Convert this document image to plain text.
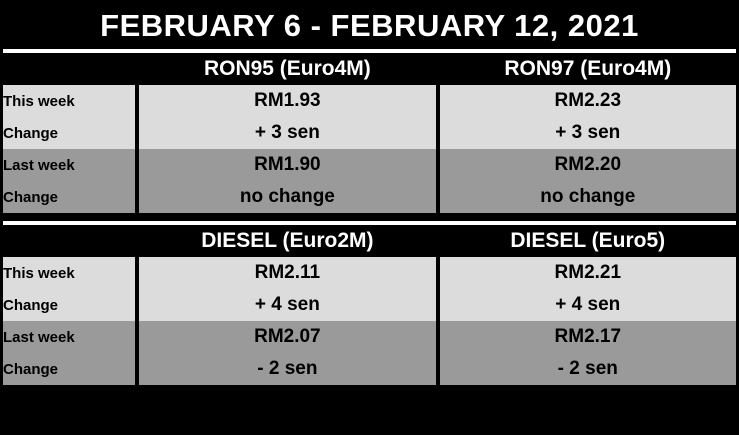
FEBRUARY 6 - FEBRUARY 12, 2021
		RON95 (Euro4M)		RON97 (Euro4M)
This week		RM1.93		RM2.23
Change		+ 3 sen		+ 3 sen
Last week		RM1.90		RM2.20
Change		no change		no change
		DIESEL (Euro2M)		DIESEL (Euro5)
This week		RM2.11		RM2.21
Change		+ 4 sen		+ 4 sen
Last week		RM2.07		RM2.17
Change		- 2 sen		- 2 sen
